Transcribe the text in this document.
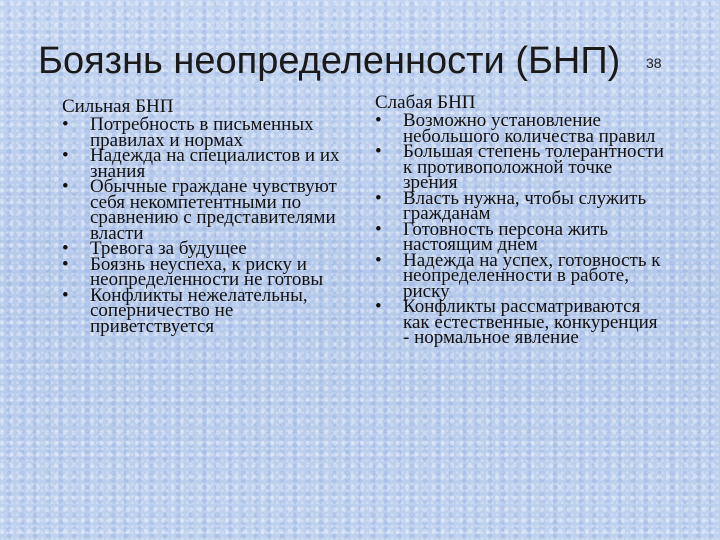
Боязнь неопределенности (БНП) 38
Сильная БНП
• Потребность в письменных правилах и нормах
• Надежда на специалистов и их знания
• Обычные граждане чувствуют себя некомпетентными по сравнению с представителями власти
• Тревога за будущее
• Боязнь неуспеха, к риску и неопределенности не готовы
• Конфликты нежелательны, соперничество не приветствуется
Слабая БНП
• Возможно установление небольшого количества правил
• Большая степень толерантности к противоположной точке зрения
• Власть нужна, чтобы служить гражданам
• Готовность персона жить настоящим днем
• Надежда на успех, готовность к неопределенности в работе, риску
• Конфликты рассматриваются как естественные, конкуренция - нормальное явление
